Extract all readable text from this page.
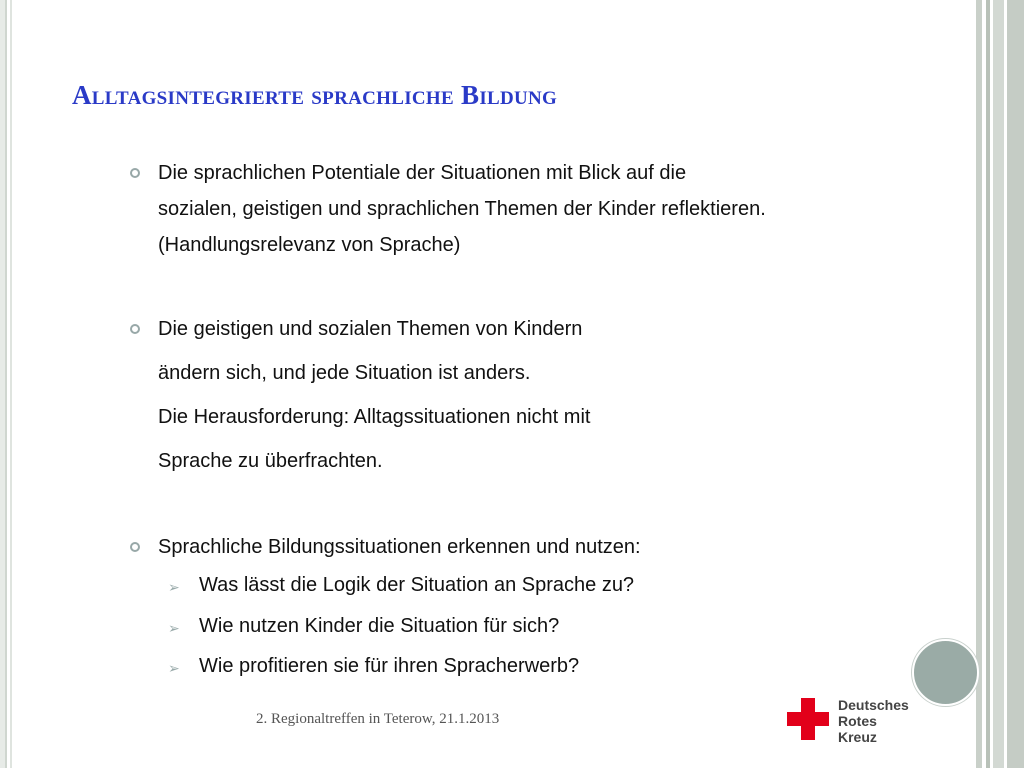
Alltagsintegrierte sprachliche Bildung

Die sprachlichen Potentiale der Situationen mit Blick auf die

sozialen, geistigen und sprachlichen Themen der Kinder reflektieren.

(Handlungsrelevanz von Sprache)

Die geistigen und sozialen Themen von Kindern

ändern sich, und jede Situation ist anders.

Die Herausforderung: Alltagssituationen nicht mit

Sprache zu überfrachten.

Sprachliche Bildungssituationen erkennen und nutzen:

➢ Was lässt die Logik der Situation an Sprache zu?

➢ Wie nutzen Kinder die Situation für sich?

➢ Wie profitieren sie für ihren Spracherwerb?

2. Regionaltreffen in Teterow, 21.1.2013
Deutsches
Rotes
Kreuz
